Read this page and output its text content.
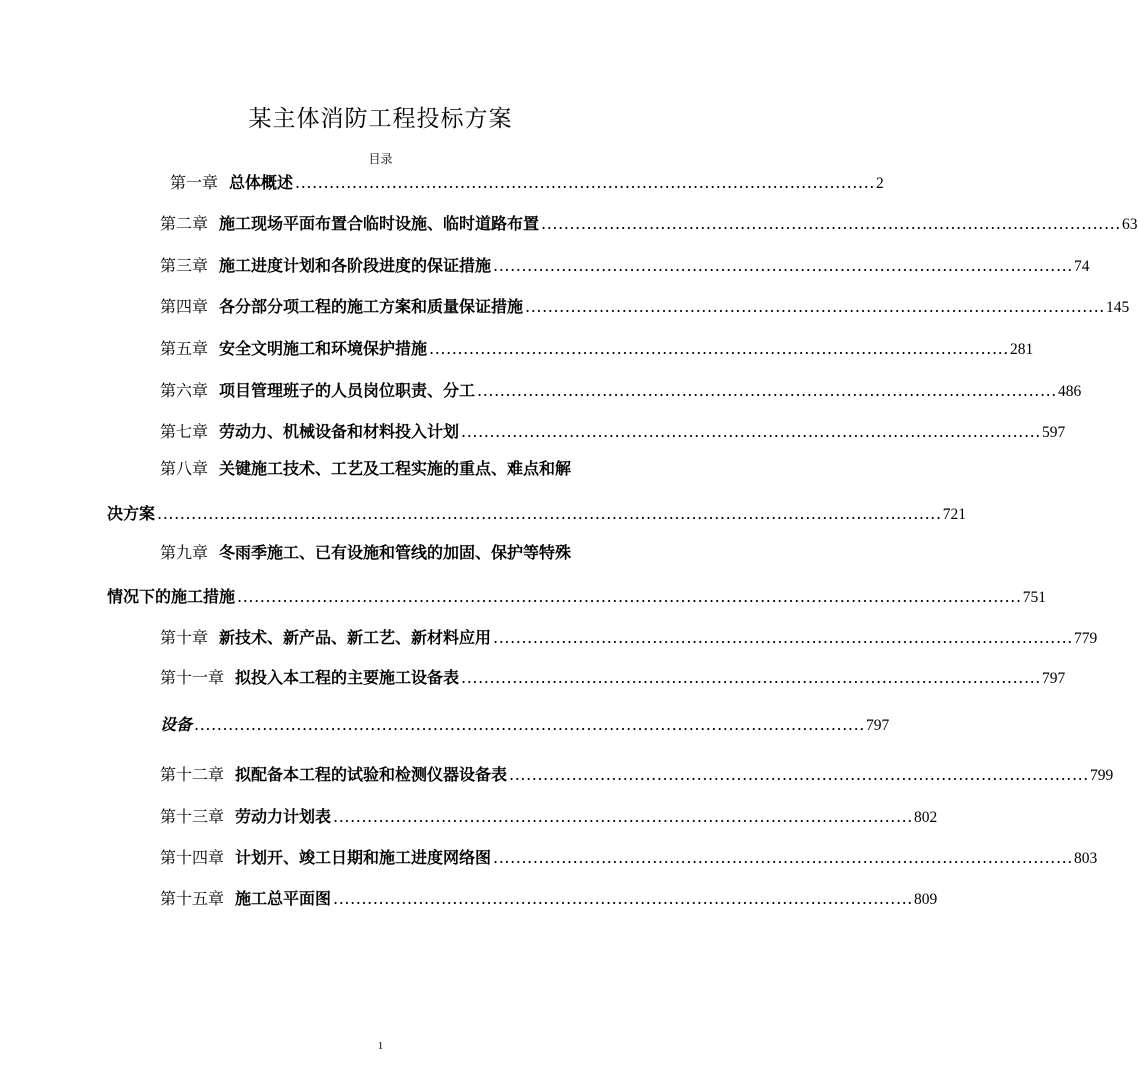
某主体消防工程投标方案
目录
第一章 总体概述 ...................................................................................................... 2
第二章 施工现场平面布置合临时设施、临时道路布置 ...................................................................................................... 63
第三章 施工进度计划和各阶段进度的保证措施 ...................................................................................................... 74
第四章 各分部分项工程的施工方案和质量保证措施 ...................................................................................................... 145
第五章 安全文明施工和环境保护措施 ...................................................................................................... 281
第六章 项目管理班子的人员岗位职责、分工 ...................................................................................................... 486
第七章 劳动力、机械设备和材料投入计划 ...................................................................................................... 597
第八章 关键施工技术、工艺及工程实施的重点、难点和解
决方案 .......................................................................................................................................... 721
第九章 冬雨季施工、已有设施和管线的加固、保护等特殊
情况下的施工措施 .......................................................................................................................................... 751
第十章 新技术、新产品、新工艺、新材料应用 ...................................................................................................... 779
第十一章 拟投入本工程的主要施工设备表 ...................................................................................................... 797
设备 ...................................................................................................................... 797
第十二章 拟配备本工程的试验和检测仪器设备表 ...................................................................................................... 799
第十三章 劳动力计划表 ...................................................................................................... 802
第十四章 计划开、竣工日期和施工进度网络图 ...................................................................................................... 803
第十五章 施工总平面图 ...................................................................................................... 809
1
